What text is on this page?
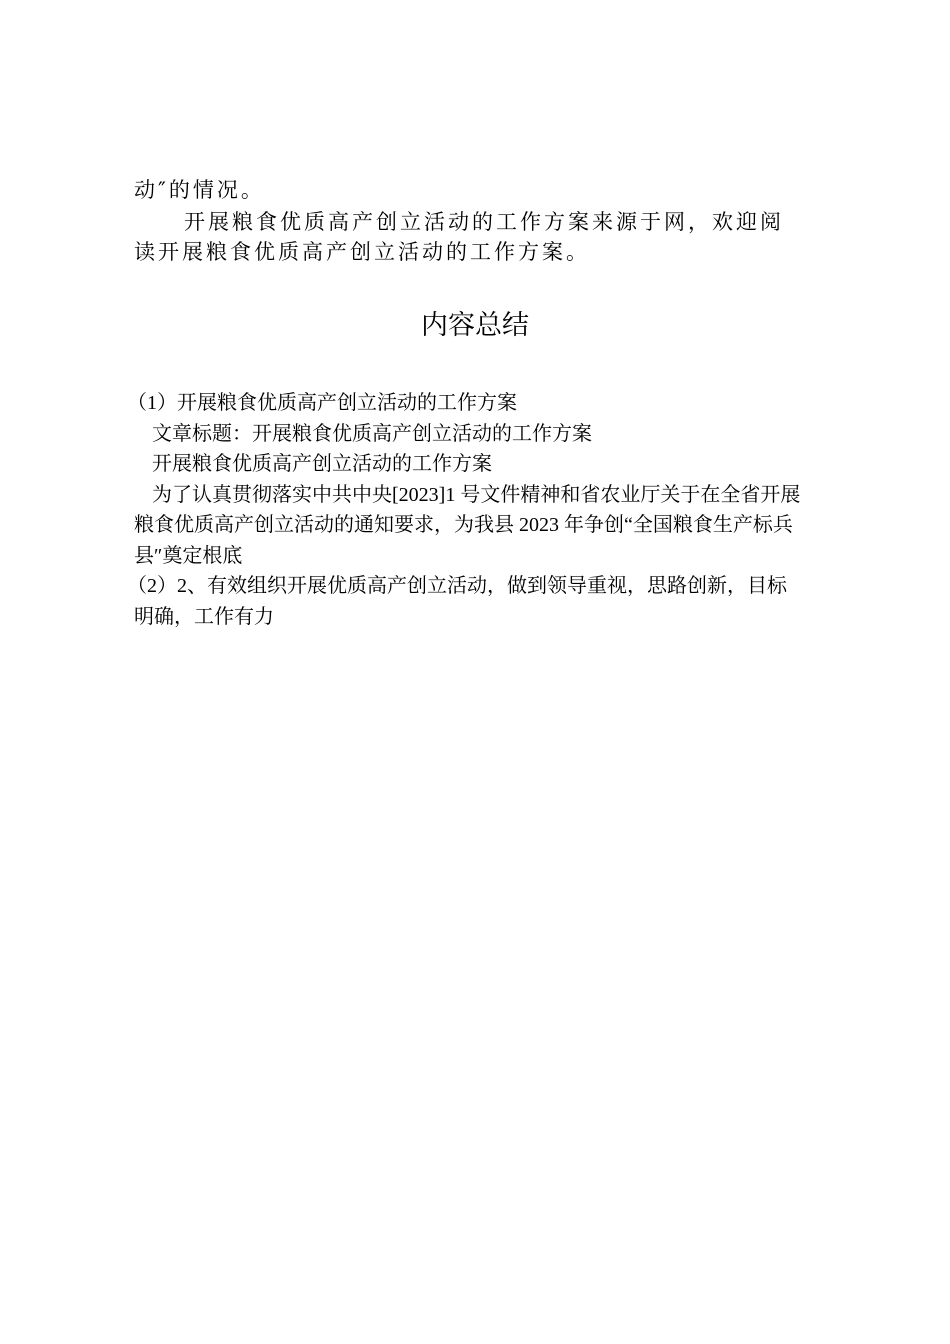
动″的情况。
开展粮食优质高产创立活动的工作方案来源于网，欢迎阅
读开展粮食优质高产创立活动的工作方案。
内容总结
（1）开展粮食优质高产创立活动的工作方案
文章标题：开展粮食优质高产创立活动的工作方案
开展粮食优质高产创立活动的工作方案
为了认真贯彻落实中共中央[2023]1 号文件精神和省农业厅关于在全省开展
粮食优质高产创立活动的通知要求，为我县 2023 年争创“全国粮食生产标兵
县″奠定根底
（2）2、有效组织开展优质高产创立活动，做到领导重视，思路创新，目标
明确，工作有力
